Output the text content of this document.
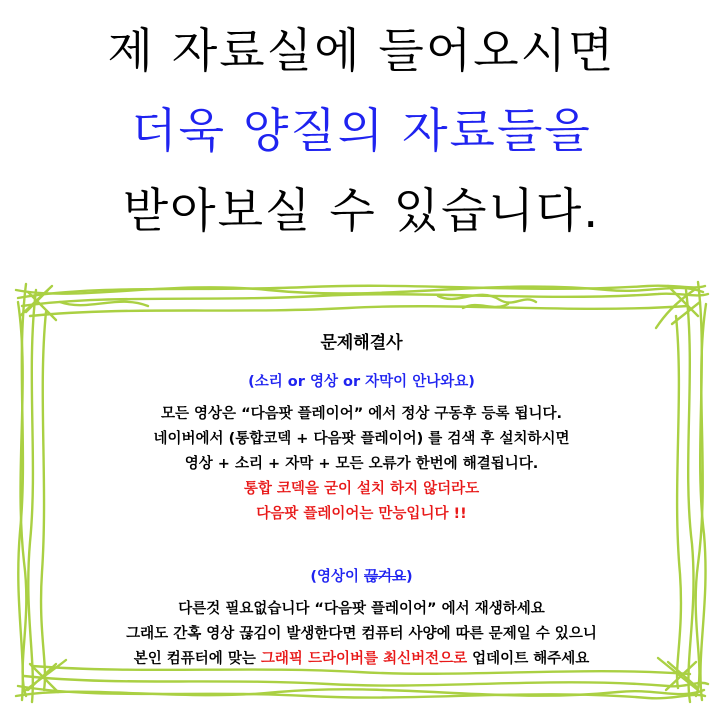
제 자료실에 들어오시면
더욱 양질의 자료들을
받아보실 수 있습니다.
문제해결사
(소리 or 영상 or 자막이 안나와요)
모든 영상은 “다음팟 플레이어” 에서 정상 구동후 등록 됩니다.
네이버에서 (통합코덱 + 다음팟 플레이어) 를 검색 후 설치하시면
영상 + 소리 + 자막 + 모든 오류가 한번에 해결됩니다.
통합 코덱을 굳이 설치 하지 않더라도
다음팟 플레이어는 만능입니다 !!
(영상이 끊겨요)
다른것 필요없습니다 “다음팟 플레이어” 에서 재생하세요
그래도 간혹 영상 끊김이 발생한다면 컴퓨터 사양에 따른 문제일 수 있으니
본인 컴퓨터에 맞는 그래픽 드라이버를 최신버전으로 업데이트 해주세요
